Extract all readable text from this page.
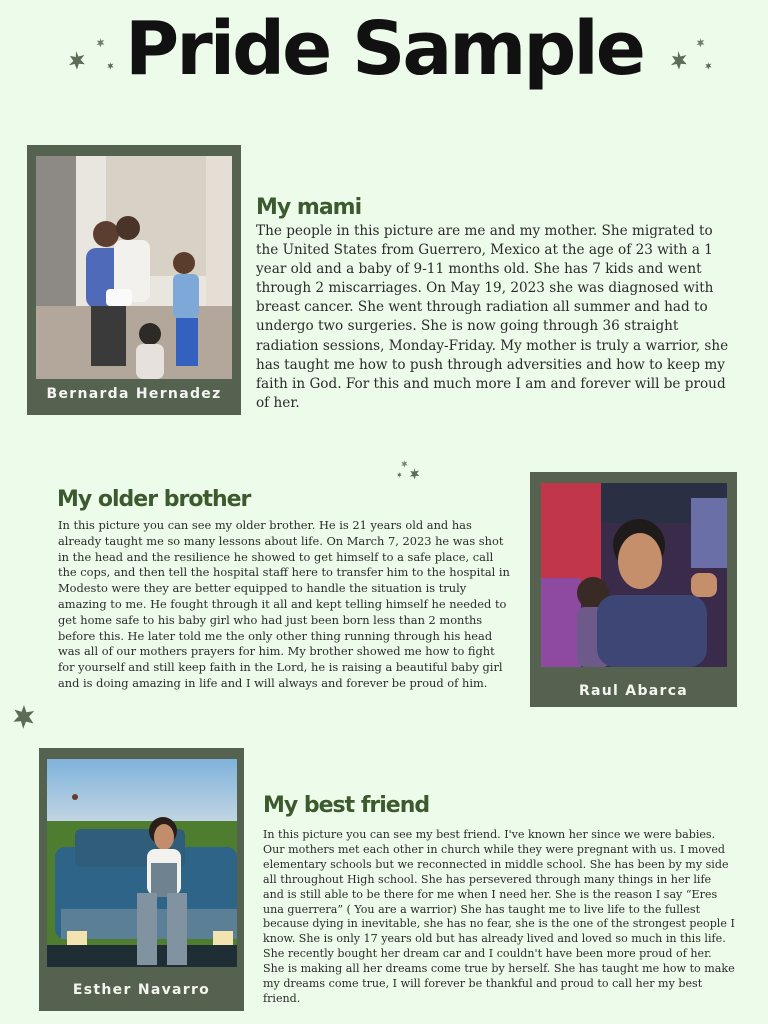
Pride Sample
Bernarda Hernadez
My mami

The people in this picture are me and my mother. She migrated to the United States from Guerrero, Mexico at the age of 23 with a 1 year old and a baby of 9-11 months old. She has 7 kids and went through 2 miscarriages. On May 19, 2023 she was diagnosed with breast cancer. She went through radiation all summer and had to undergo two surgeries. She is now going through 36 straight radiation sessions, Monday-Friday. My mother is truly a warrior, she has taught me how to push through adversities and how to keep my faith in God. For this and much more I am and forever will be proud of her.

My older brother

In this picture you can see my older brother. He is 21 years old and has already taught me so many lessons about life. On March 7, 2023 he was shot in the head and the resilience he showed to get himself to a safe place, call the cops, and then tell the hospital staff here to transfer him to the hospital in Modesto were they are better equipped to handle the situation is truly amazing to me. He fought through it all and kept telling himself he needed to get home safe to his baby girl who had just been born less than 2 months before this. He later told me the only other thing running through his head was all of our mothers prayers for him. My brother showed me how to fight for yourself and still keep faith in the Lord, he is raising a beautiful baby girl and is doing amazing in life and I will always and forever be proud of him.

Raul Abarca
Esther Navarro
My best friend

In this picture you can see my best friend. I've known her since we were babies. Our mothers met each other in church while they were pregnant with us. I moved elementary schools but we reconnected in middle school. She has been by my side all throughout High school. She has persevered through many things in her life and is still able to be there for me when I need her. She is the reason I say “Eres una guerrera” ( You are a warrior) She has taught me to live life to the fullest because dying in inevitable, she has no fear, she is the one of the strongest people I know. She is only 17 years old but has already lived and loved so much in this life. She recently bought her dream car and I couldn't have been more proud of her. She is making all her dreams come true by herself. She has taught me how to make my dreams come true, I will forever be thankful and proud to call her my best friend.
